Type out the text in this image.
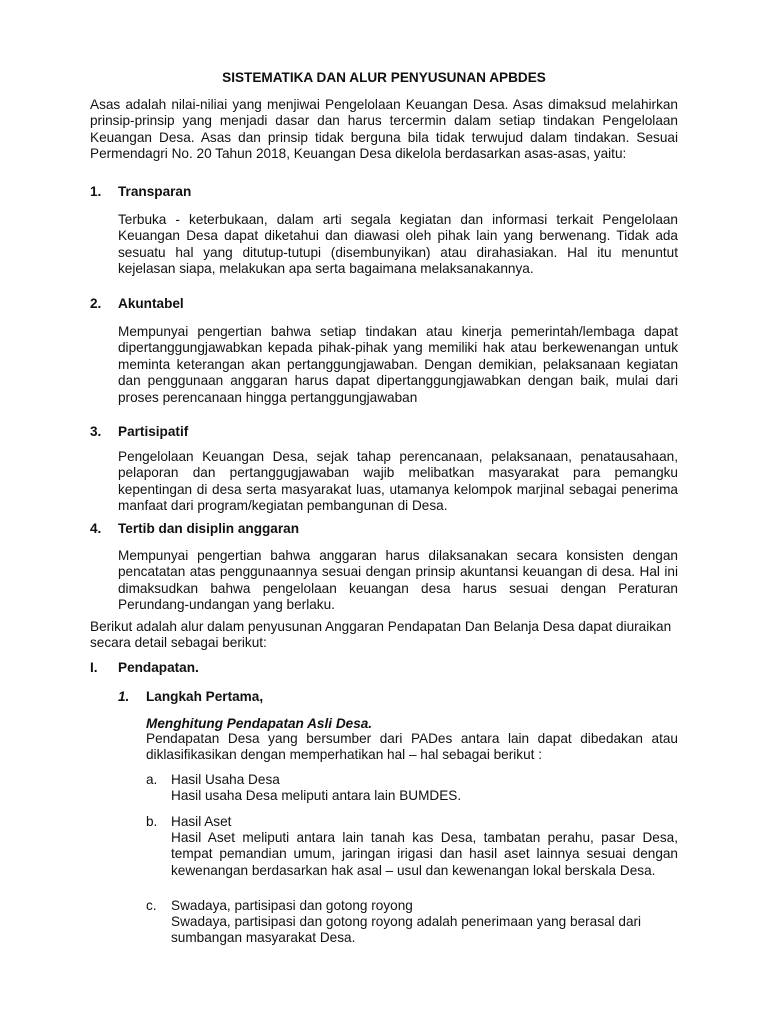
SISTEMATIKA DAN ALUR PENYUSUNAN APBDES

Asas adalah nilai-niliai yang menjiwai Pengelolaan Keuangan Desa. Asas dimaksud melahirkan prinsip-prinsip yang menjadi dasar dan harus tercermin dalam setiap tindakan Pengelolaan Keuangan Desa. Asas dan prinsip tidak berguna bila tidak terwujud dalam tindakan. Sesuai Permendagri No. 20 Tahun 2018, Keuangan Desa dikelola berdasarkan asas-asas, yaitu:

1. Transparan

Terbuka - keterbukaan, dalam arti segala kegiatan dan informasi terkait Pengelolaan Keuangan Desa dapat diketahui dan diawasi oleh pihak lain yang berwenang. Tidak ada sesuatu hal yang ditutup-tutupi (disembunyikan) atau dirahasiakan. Hal itu menuntut kejelasan siapa, melakukan apa serta bagaimana melaksanakannya.

2. Akuntabel

Mempunyai pengertian bahwa setiap tindakan atau kinerja pemerintah/lembaga dapat dipertanggungjawabkan kepada pihak-pihak yang memiliki hak atau berkewenangan untuk meminta keterangan akan pertanggungjawaban. Dengan demikian, pelaksanaan kegiatan dan penggunaan anggaran harus dapat dipertanggungjawabkan dengan baik, mulai dari proses perencanaan hingga pertanggungjawaban

3. Partisipatif

Pengelolaan Keuangan Desa, sejak tahap perencanaan, pelaksanaan, penatausahaan, pelaporan dan pertanggugjawaban wajib melibatkan masyarakat para pemangku kepentingan di desa serta masyarakat luas, utamanya kelompok marjinal sebagai penerima manfaat dari program/kegiatan pembangunan di Desa.

4. Tertib dan disiplin anggaran

Mempunyai pengertian bahwa anggaran harus dilaksanakan secara konsisten dengan pencatatan atas penggunaannya sesuai dengan prinsip akuntansi keuangan di desa. Hal ini dimaksudkan bahwa pengelolaan keuangan desa harus sesuai dengan Peraturan Perundang-undangan yang berlaku.

Berikut adalah alur dalam penyusunan Anggaran Pendapatan Dan Belanja Desa dapat diuraikan secara detail sebagai berikut:

I. Pendapatan.
1. Langkah Pertama,

Menghitung Pendapatan Asli Desa.

Pendapatan Desa yang bersumber dari PADes antara lain dapat dibedakan atau diklasifikasikan dengan memperhatikan hal – hal sebagai berikut :

a. Hasil Usaha Desa

Hasil usaha Desa meliputi antara lain BUMDES.

b. Hasil Aset

Hasil Aset meliputi antara lain tanah kas Desa, tambatan perahu, pasar Desa, tempat pemandian umum, jaringan irigasi dan hasil aset lainnya sesuai dengan kewenangan berdasarkan hak asal – usul dan kewenangan lokal berskala Desa.

c. Swadaya, partisipasi dan gotong royong

Swadaya, partisipasi dan gotong royong adalah penerimaan yang berasal dari sumbangan masyarakat Desa.
